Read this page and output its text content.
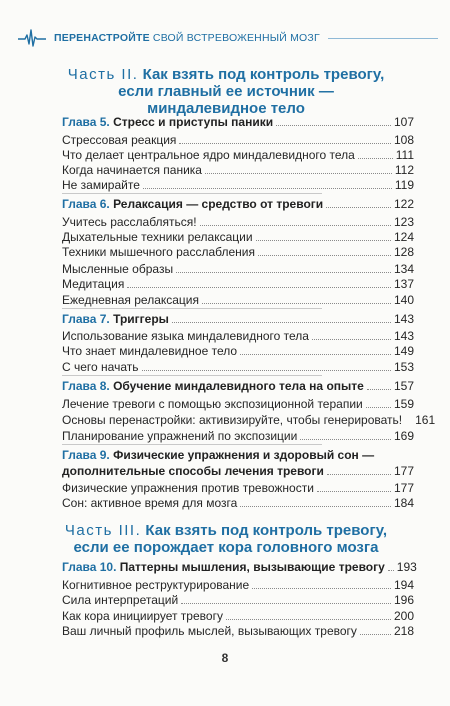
ПЕРЕНАСТРОЙТЕ СВОЙ ВСТРЕВОЖЕННЫЙ МОЗГ
Часть II. Как взять под контроль тревогу,
если главный ее источник —
миндалевидное тело
Глава 5. Стресс и приступы паники	107
Стрессовая реакция	108
Что делает центральное ядро миндалевидного тела	111
Когда начинается паника	112
Не замирайте	119
Глава 6. Релаксация — средство от тревоги	122
Учитесь расслабляться!	123
Дыхательные техники релаксации	124
Техники мышечного расслабления	128
Мысленные образы	134
Медитация	137
Ежедневная релаксация	140
Глава 7. Триггеры	143
Использование языка миндалевидного тела	143
Что знает миндалевидное тело	149
С чего начать	153
Глава 8. Обучение миндалевидного тела на опыте	157
Лечение тревоги с помощью экспозиционной терапии	159
Основы перенастройки: активизируйте, чтобы генерировать! 161
Планирование упражнений по экспозиции	169
Глава 9. Физические упражнения и здоровый сон —
дополнительные способы лечения тревоги	177
Физические упражнения против тревожности	177
Сон: активное время для мозга	184
Часть III. Как взять под контроль тревогу,
если ее порождает кора головного мозга
Глава 10. Паттерны мышления, вызывающие тревогу 193
Когнитивное реструктурирование	194
Сила интерпретаций	196
Как кора инициирует тревогу	200
Ваш личный профиль мыслей, вызывающих тревогу	218
8
